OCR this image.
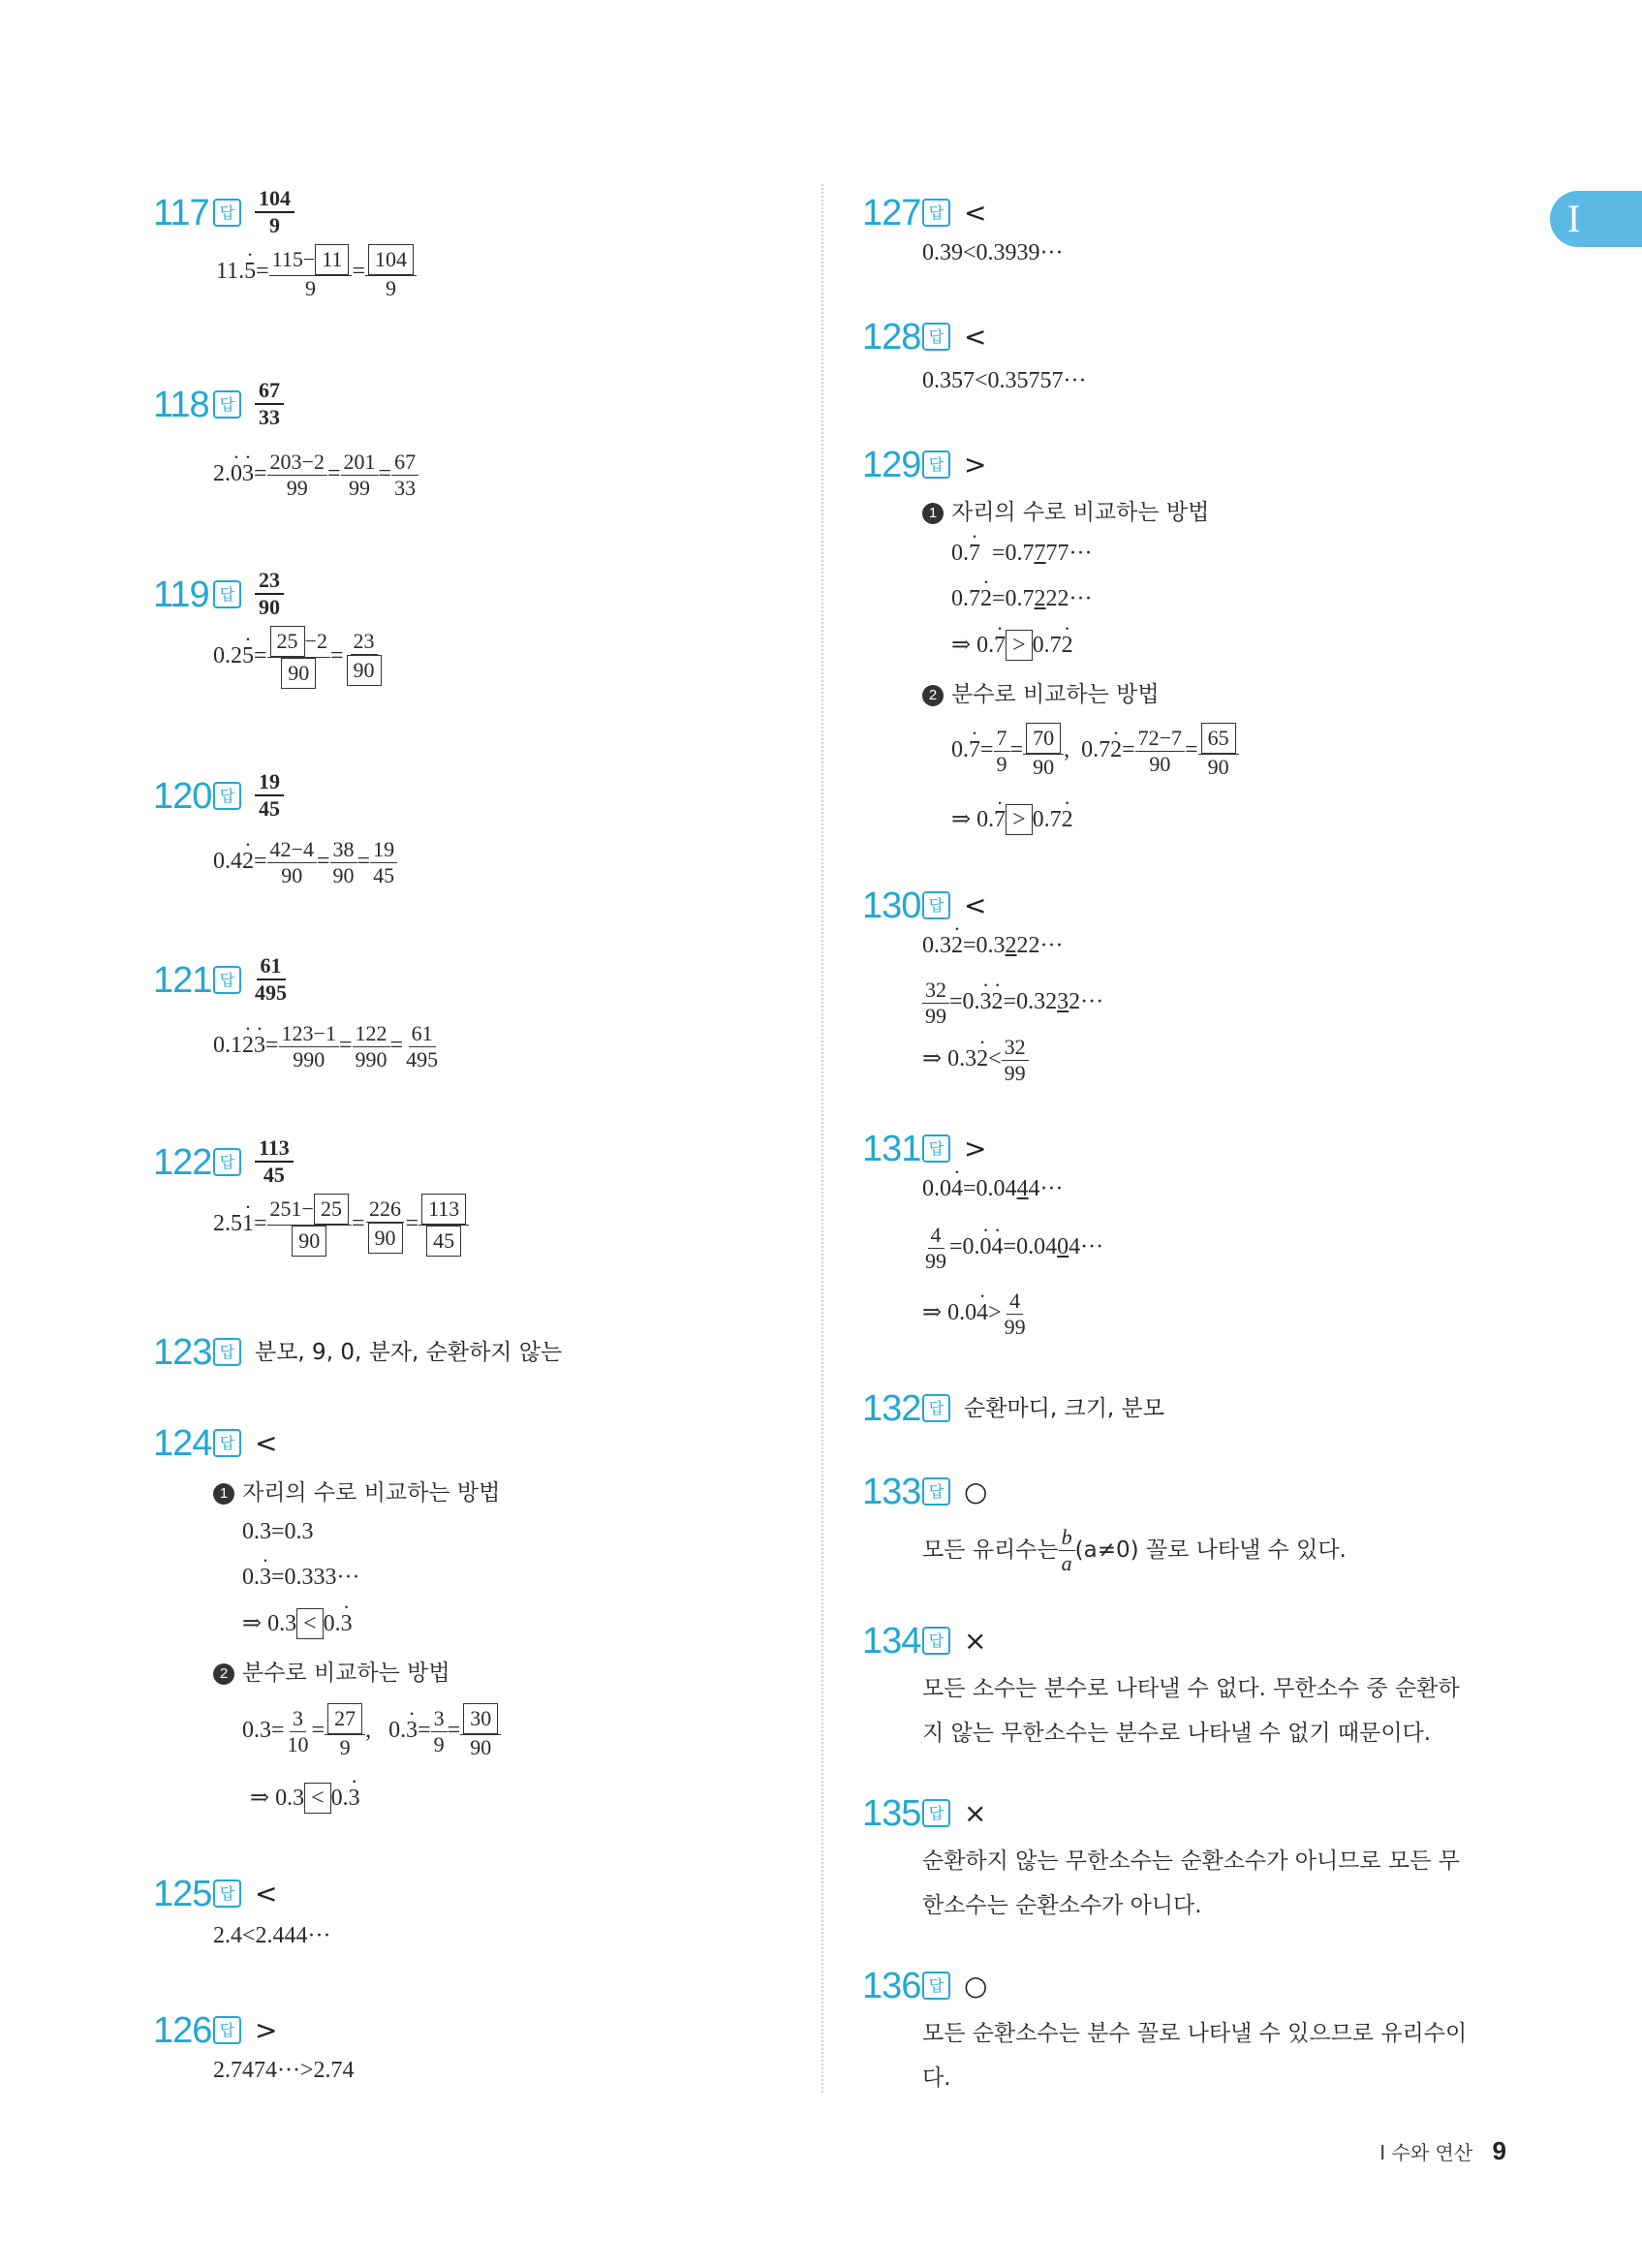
I
117 답 $\frac{104}{9}$
$11.\cdot 5= \frac{115- 11}{9} = \frac{104}{9}$
118 답 $\frac{67}{33}$
$2.\cdot 0\cdot 3= \frac{203-2}{99} = \frac{201}{99} = \frac{67}{33}$
119 답 $\frac{23}{90}$
$0.2\cdot 5= \frac{25 -2}{90} = \frac{23}{90}$
120 답 $\frac{19}{45}$
$0.4\cdot 2= \frac{42-4}{90} = \frac{38}{90} = \frac{19}{45}$
121 답 $\frac{61}{495}$
$0.1\cdot 2\cdot 3= \frac{123-1}{990} = \frac{122}{990} = \frac{61}{495}$
122 답 $\frac{113}{45}$
$2.5\cdot 1= \frac{251- 25}{90} = \frac{226}{90} = \frac{113}{45}$
123 답 분모, 9, 0, 분자, 순환하지 않는
124 답 <
1 자리의 수로 비교하는 방법
0.3=0.3
0.· 3=0.333···
⇒ 0.3 < 0.· 3
2 분수로 비교하는 방법
$0.3= \frac{3}{10} = \frac{27}{9}$ ,   $0.\cdot 3= \frac{3}{9} = \frac{30}{90}$
⇒ 0.3 < 0.· 3
125 답 <
2.4<2.444···
126 답 >
2.7474···>2.74
127 답 <
0.39<0.3939···
128 답 <
0.357<0.35757···
129 답 >
1 자리의 수로 비교하는 방법
0.· 7  =0.7777···
0.7· 2=0.7222···
⇒ 0.· 7 > 0.7· 2
2 분수로 비교하는 방법
$0.\cdot 7= \frac{7}{9} = \frac{70}{90}$ ,  $0.7\cdot 2= \frac{72-7}{90} = \frac{65}{90}$
⇒ 0.· 7 > 0.7· 2
130 답 <
0.3· 2=0.3222···
$\frac{32}{99} =0.\cdot 3\cdot 2=0.3232\cdot\cdot\cdot$
⇒ $0.3\cdot 2< \frac{32}{99}$
131 답 >
0.0· 4=0.0444···
$\frac{4}{99} =0.\cdot 0\cdot 4=0.0404\cdot\cdot\cdot$
⇒ $0.0\cdot 4> \frac{4}{99}$
132 답 순환마디, 크기, 분모
133 답 ○
모든 유리수는 $\frac{b}{a} (a\ne 0)$ 꼴로 나타낼 수 있다.
134 답 ×
모든 소수는 분수로 나타낼 수 없다. 무한소수 중 순환하
지 않는 무한소수는 분수로 나타낼 수 없기 때문이다.
135 답 ×
순환하지 않는 무한소수는 순환소수가 아니므로 모든 무
한소수는 순환소수가 아니다.
136 답 ○
모든 순환소수는 분수 꼴로 나타낼 수 있으므로 유리수이
다.
I 수와 연산 9
